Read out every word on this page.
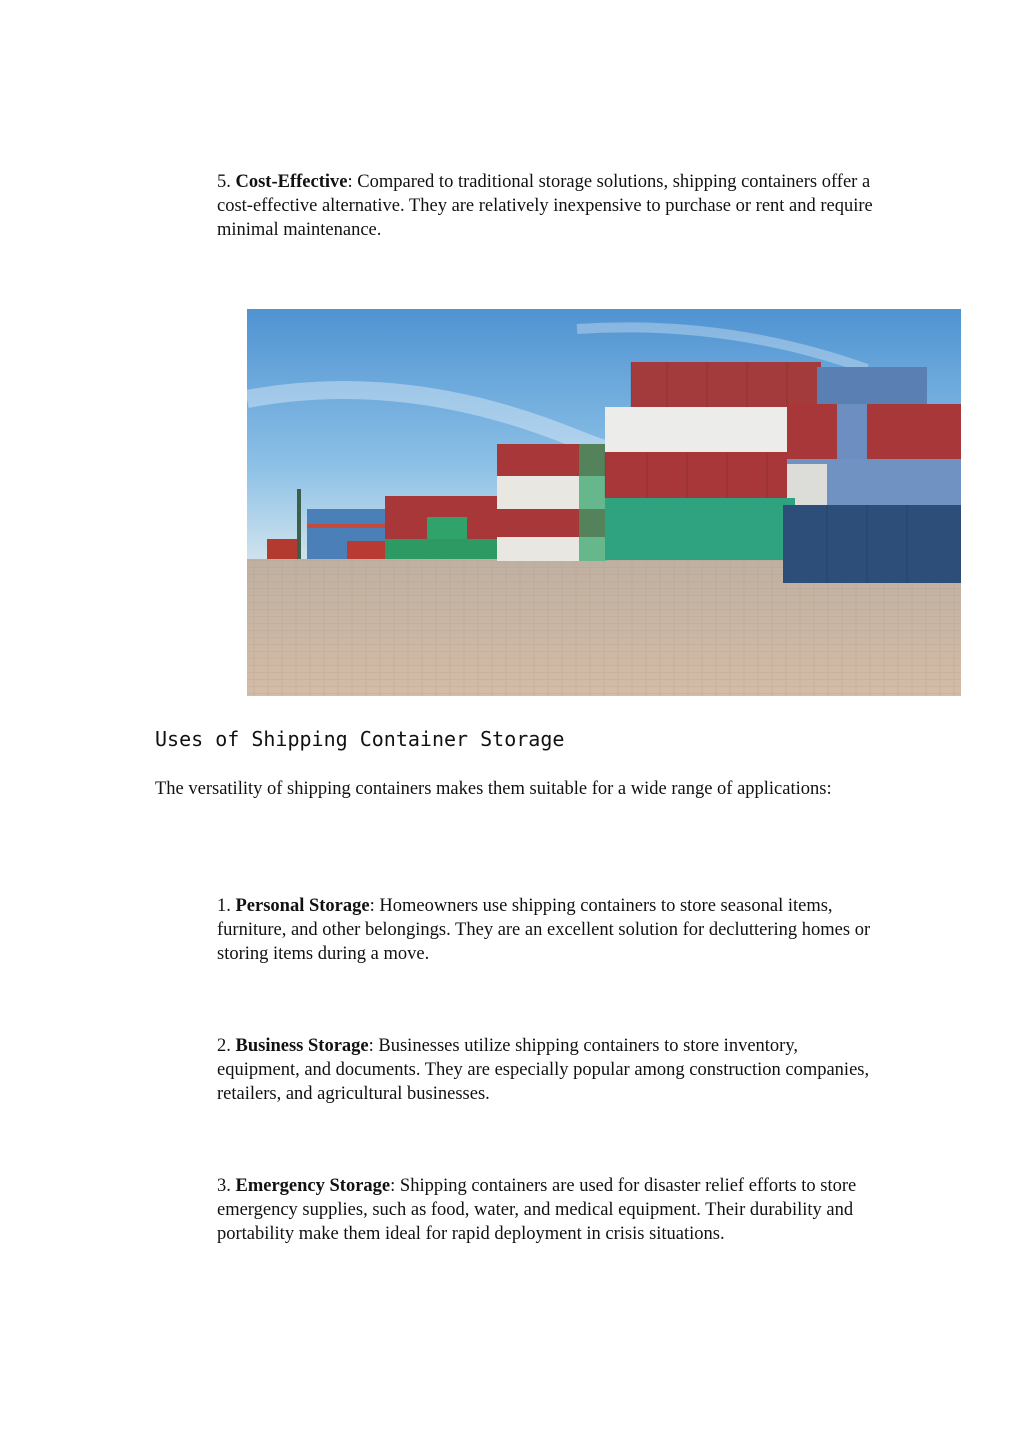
5. Cost-Effective: Compared to traditional storage solutions, shipping containers offer a cost-effective alternative. They are relatively inexpensive to purchase or rent and require minimal maintenance.

Uses of Shipping Container Storage

The versatility of shipping containers makes them suitable for a wide range of applications:

1. Personal Storage: Homeowners use shipping containers to store seasonal items, furniture, and other belongings. They are an excellent solution for decluttering homes or storing items during a move.

2. Business Storage: Businesses utilize shipping containers to store inventory, equipment, and documents. They are especially popular among construction companies, retailers, and agricultural businesses.

3. Emergency Storage: Shipping containers are used for disaster relief efforts to store emergency supplies, such as food, water, and medical equipment. Their durability and portability make them ideal for rapid deployment in crisis situations.
